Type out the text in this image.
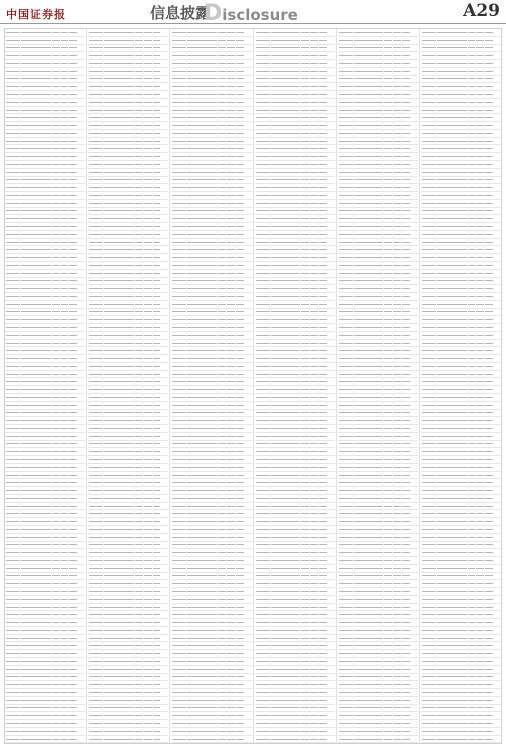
中国证券报	信息披露
Disclosure	A29
